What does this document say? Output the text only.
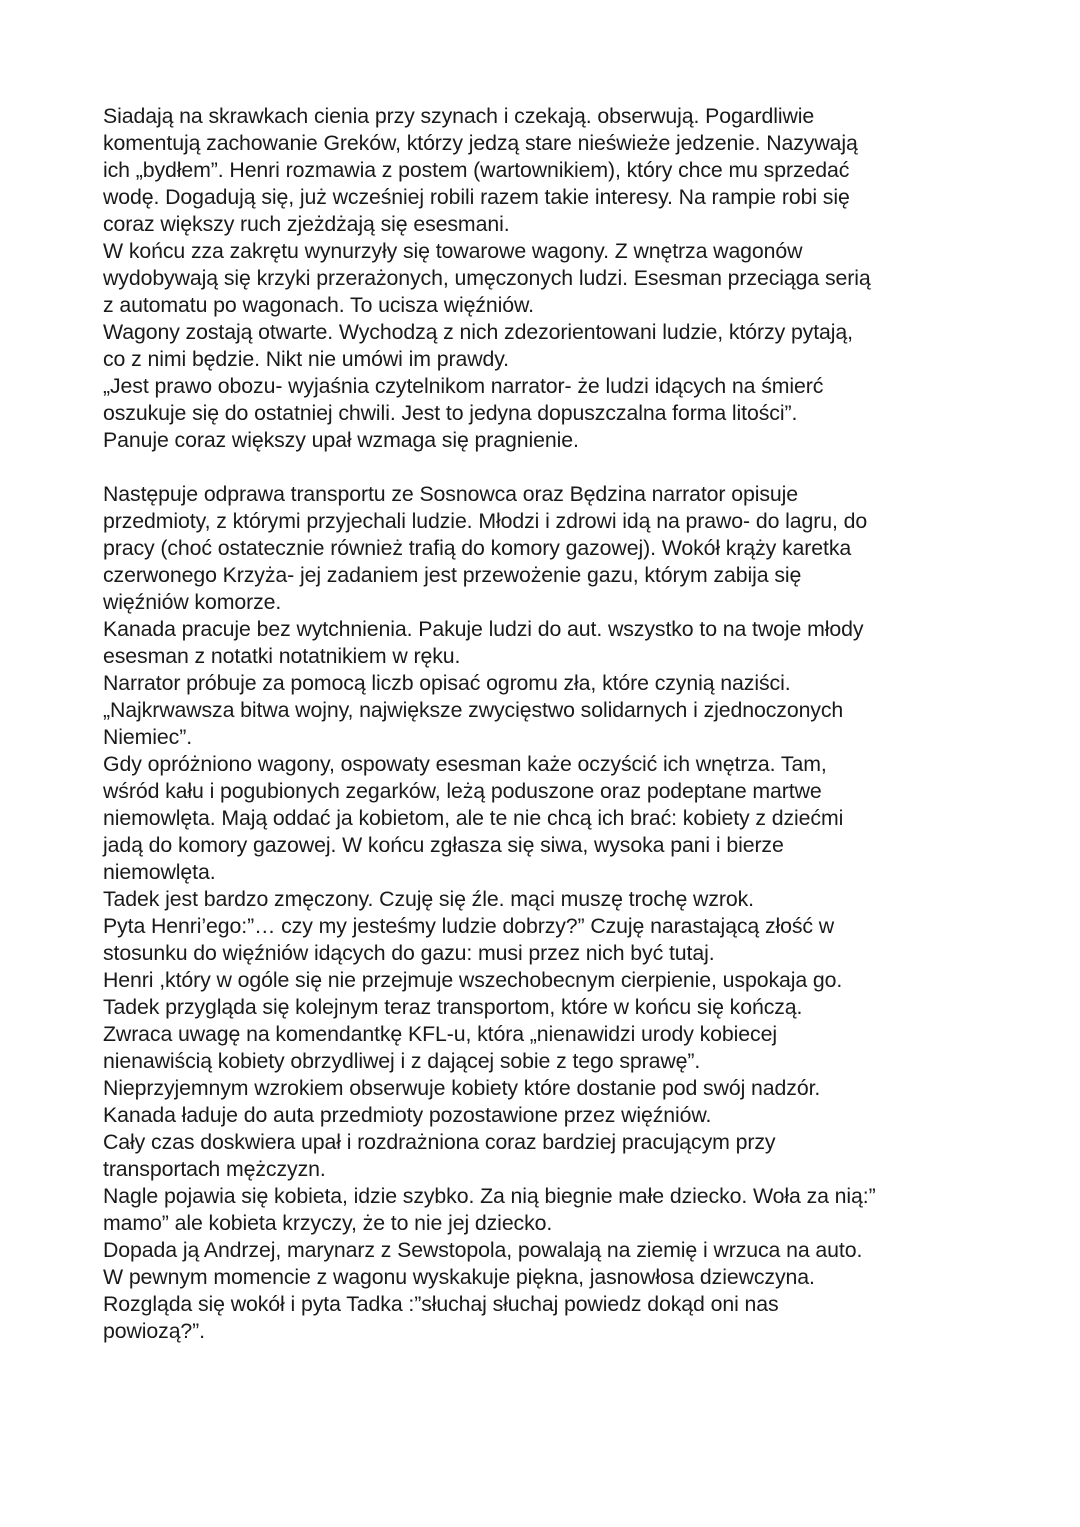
Siadają na skrawkach cienia przy szynach i czekają. obserwują. Pogardliwie
komentują zachowanie Greków, którzy jedzą stare nieświeże jedzenie. Nazywają
ich „bydłem”. Henri rozmawia z postem (wartownikiem), który chce mu sprzedać
wodę. Dogadują się, już wcześniej robili razem takie interesy. Na rampie robi się
coraz większy ruch zjeżdżają się esesmani.

W końcu zza zakrętu wynurzyły się towarowe wagony. Z wnętrza wagonów
wydobywają się krzyki przerażonych, umęczonych ludzi. Esesman przeciąga serią
z automatu po wagonach. To ucisza więźniów.

Wagony zostają otwarte. Wychodzą z nich zdezorientowani ludzie, którzy pytają,
co z nimi będzie. Nikt nie umówi im prawdy.

„Jest prawo obozu- wyjaśnia czytelnikom narrator- że ludzi idących na śmierć
oszukuje się do ostatniej chwili. Jest to jedyna dopuszczalna forma litości”.

Panuje coraz większy upał wzmaga się pragnienie.

Następuje odprawa transportu ze Sosnowca oraz Będzina narrator opisuje
przedmioty, z którymi przyjechali ludzie. Młodzi i zdrowi idą na prawo- do lagru, do
pracy (choć ostatecznie również trafią do komory gazowej). Wokół krąży karetka
czerwonego Krzyża- jej zadaniem jest przewożenie gazu, którym zabija się
więźniów komorze.

Kanada pracuje bez wytchnienia. Pakuje ludzi do aut. wszystko to na twoje młody
esesman z notatki notatnikiem w ręku.

Narrator próbuje za pomocą liczb opisać ogromu zła, które czynią naziści.

„Najkrwawsza bitwa wojny, największe zwycięstwo solidarnych i zjednoczonych
Niemiec”.

Gdy opróżniono wagony, ospowaty esesman każe oczyścić ich wnętrza. Tam,
wśród kału i pogubionych zegarków, leżą poduszone oraz podeptane martwe
niemowlęta. Mają oddać ja kobietom, ale te nie chcą ich brać: kobiety z dziećmi
jadą do komory gazowej. W końcu zgłasza się siwa, wysoka pani i bierze
niemowlęta.

Tadek jest bardzo zmęczony. Czuję się źle. mąci muszę trochę wzrok.

Pyta Henri’ego:”… czy my jesteśmy ludzie dobrzy?” Czuję narastającą złość w
stosunku do więźniów idących do gazu: musi przez nich być tutaj.

Henri ,który w ogóle się nie przejmuje wszechobecnym cierpienie, uspokaja go.

Tadek przygląda się kolejnym teraz transportom, które w końcu się kończą.

Zwraca uwagę na komendantkę KFL-u, która „nienawidzi urody kobiecej
nienawiścią kobiety obrzydliwej i z dającej sobie z tego sprawę”.

Nieprzyjemnym wzrokiem obserwuje kobiety które dostanie pod swój nadzór.

Kanada ładuje do auta przedmioty pozostawione przez więźniów.

Cały czas doskwiera upał i rozdrażniona coraz bardziej pracującym przy
transportach mężczyzn.

Nagle pojawia się kobieta, idzie szybko. Za nią biegnie małe dziecko. Woła za nią:”
mamo” ale kobieta krzyczy, że to nie jej dziecko.

Dopada ją Andrzej, marynarz z Sewstopola, powalają na ziemię i wrzuca na auto.

W pewnym momencie z wagonu wyskakuje piękna, jasnowłosa dziewczyna.

Rozgląda się wokół i pyta Tadka :”słuchaj słuchaj powiedz dokąd oni nas
powiozą?”.
